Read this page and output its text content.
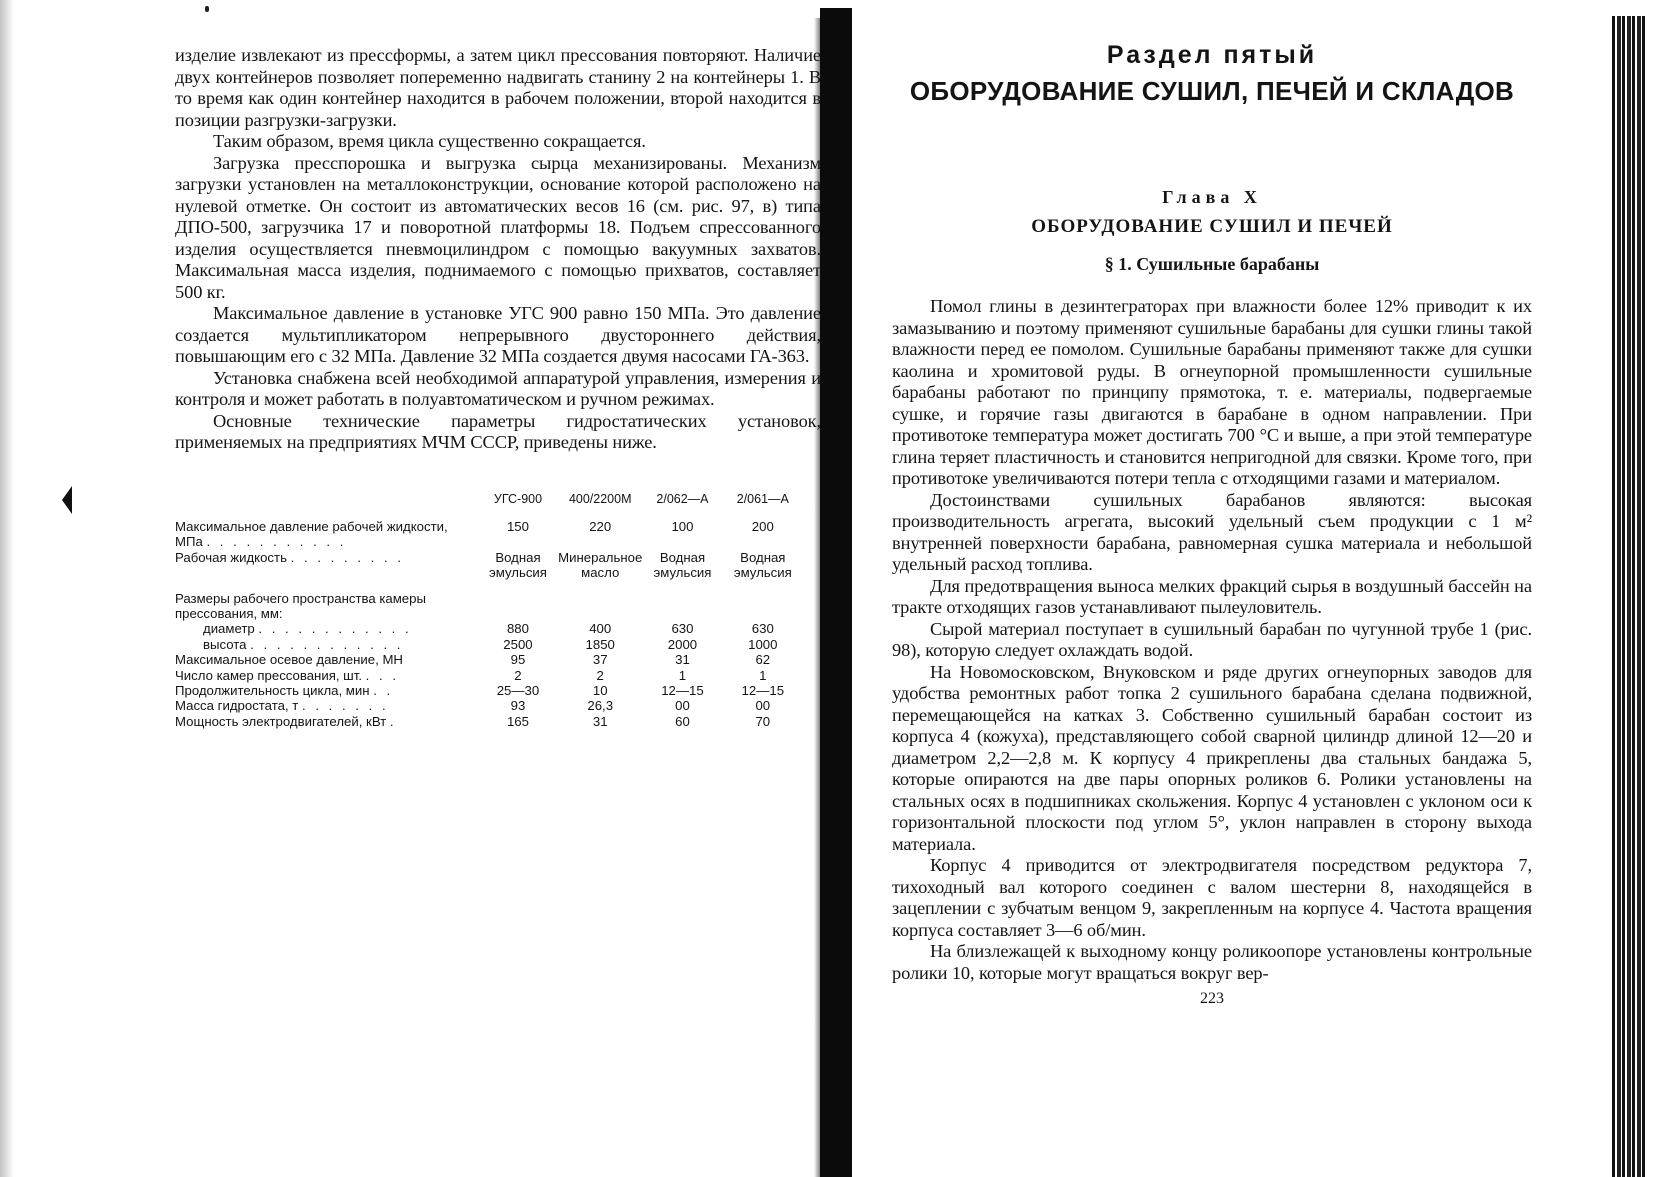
изделие извлекают из прессформы, а затем цикл прессования повторяют. Наличие двух контейнеров позволяет попеременно надвигать станину 2 на контейнеры 1. В то время как один контейнер находится в рабочем положении, второй находится в позиции разгрузки-загрузки.

Таким образом, время цикла существенно сокращается.

Загрузка пресспорошка и выгрузка сырца механизированы. Механизм загрузки установлен на металлоконструкции, основание которой расположено на нулевой отметке. Он состоит из автоматических весов 16 (см. рис. 97, в) типа ДПО-500, загрузчика 17 и поворотной платформы 18. Подъем спрессованного изделия осуществляется пневмоцилиндром с помощью вакуумных захватов. Максимальная масса изделия, поднимаемого с помощью прихватов, составляет 500 кг.

Максимальное давление в установке УГС 900 равно 150 МПа. Это давление создается мультипликатором непрерывного двустороннего действия, повышающим его с 32 МПа. Давление 32 МПа создается двумя насосами ГА-363.

Установка снабжена всей необходимой аппаратурой управления, измерения и контроля и может работать в полуавтоматическом и ручном режимах.

Основные технические параметры гидростатических установок, применяемых на предприятиях МЧМ СССР, приведены ниже.

	УГС-900	400/2200М	2/062—А	2/061—А
Максимальное давление рабочей жидкости, МПа . . . . . . . . . . .	150	220	100	200
Рабочая жидкость . . . . . . . . .	Водная эмульсия	Минеральное масло	Водная эмульсия	Водная эмульсия
Размеры рабочего пространства камеры прессования, мм:				
диаметр . . . . . . . . . . . .	880	400	630	630
высота . . . . . . . . . . . .	2500	1850	2000	1000
Максимальное осевое давление, МН	95	37	31	62
Число камер прессования, шт. . . .	2	2	1	1
Продолжительность цикла, мин . .	25—30	10	12—15	12—15
Масса гидростата, т . . . . . . .	93	26,3	00	00
Мощность электродвигателей, кВт .	165	31	60	70
Раздел пятый
ОБОРУДОВАНИЕ СУШИЛ, ПЕЧЕЙ И СКЛАДОВ
Глава X
ОБОРУДОВАНИЕ СУШИЛ И ПЕЧЕЙ
§ 1. Сушильные барабаны

Помол глины в дезинтеграторах при влажности более 12% приводит к их замазыванию и поэтому применяют сушильные барабаны для сушки глины такой влажности перед ее помолом. Сушильные барабаны применяют также для сушки каолина и хромитовой руды. В огнеупорной промышленности сушильные барабаны работают по принципу прямотока, т. е. материалы, подвергаемые сушке, и горячие газы двигаются в барабане в одном направлении. При противотоке температура может достигать 700 °С и выше, а при этой температуре глина теряет пластичность и становится непригодной для связки. Кроме того, при противотоке увеличиваются потери тепла с отходящими газами и материалом.

Достоинствами сушильных барабанов являются: высокая производительность агрегата, высокий удельный съем продукции с 1 м² внутренней поверхности барабана, равномерная сушка материала и небольшой удельный расход топлива.

Для предотвращения выноса мелких фракций сырья в воздушный бассейн на тракте отходящих газов устанавливают пылеуловитель.

Сырой материал поступает в сушильный барабан по чугунной трубе 1 (рис. 98), которую следует охлаждать водой.

На Новомосковском, Внуковском и ряде других огнеупорных заводов для удобства ремонтных работ топка 2 сушильного барабана сделана подвижной, перемещающейся на катках 3. Собственно сушильный барабан состоит из корпуса 4 (кожуха), представляющего собой сварной цилиндр длиной 12—20 и диаметром 2,2—2,8 м. К корпусу 4 прикреплены два стальных бандажа 5, которые опираются на две пары опорных роликов 6. Ролики установлены на стальных осях в подшипниках скольжения. Корпус 4 установлен с уклоном оси к горизонтальной плоскости под углом 5°, уклон направлен в сторону выхода материала.

Корпус 4 приводится от электродвигателя посредством редуктора 7, тихоходный вал которого соединен с валом шестерни 8, находящейся в зацеплении с зубчатым венцом 9, закрепленным на корпусе 4. Частота вращения корпуса составляет 3—6 об/мин.

На близлежащей к выходному концу роликоопоре установлены контрольные ролики 10, которые могут вращаться вокруг вер-

223
